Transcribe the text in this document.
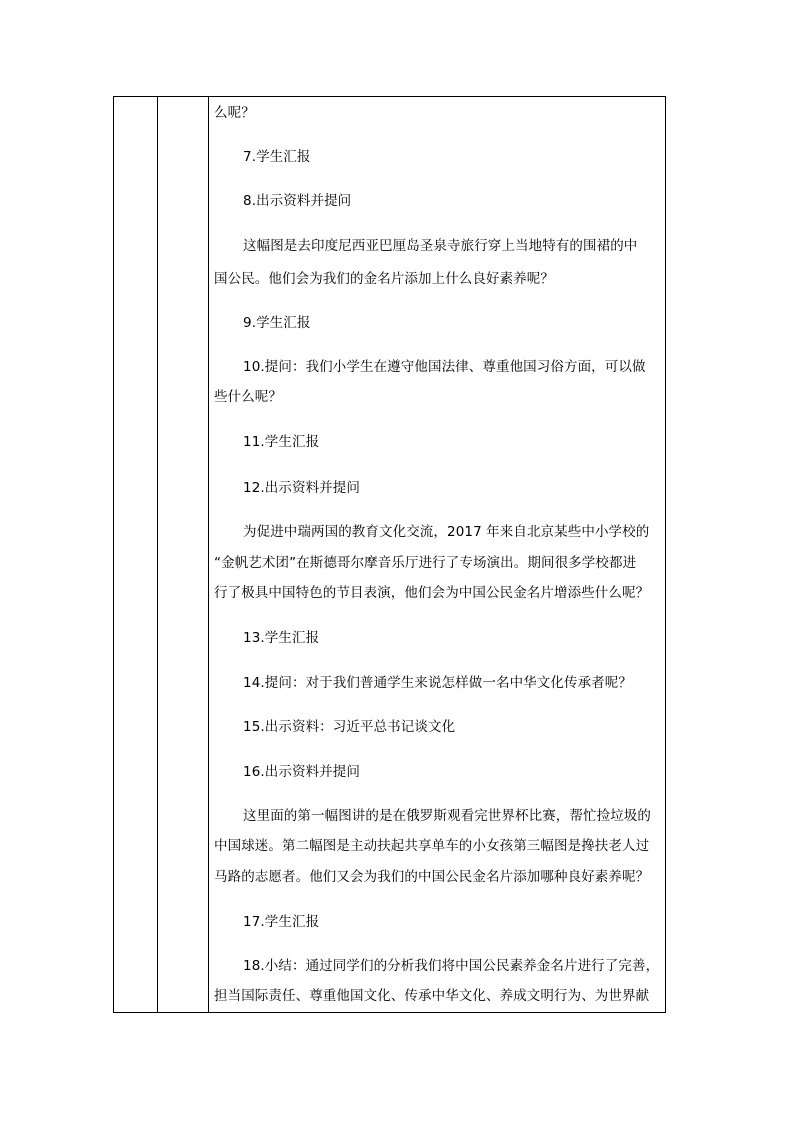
么呢？
7.学生汇报
8.出示资料并提问
这幅图是去印度尼西亚巴厘岛圣泉寺旅行穿上当地特有的围裙的中
国公民。他们会为我们的金名片添加上什么良好素养呢？
9.学生汇报
10.提问：我们小学生在遵守他国法律、尊重他国习俗方面，可以做
些什么呢？
11.学生汇报
12.出示资料并提问
为促进中瑞两国的教育文化交流，2017 年来自北京某些中小学校的
“金帆艺术团”在斯德哥尔摩音乐厅进行了专场演出。期间很多学校都进
行了极具中国特色的节目表演，他们会为中国公民金名片增添些什么呢？
13.学生汇报
14.提问：对于我们普通学生来说怎样做一名中华文化传承者呢？
15.出示资料：习近平总书记谈文化
16.出示资料并提问
这里面的第一幅图讲的是在俄罗斯观看完世界杯比赛，帮忙捡垃圾的
中国球迷。第二幅图是主动扶起共享单车的小女孩第三幅图是搀扶老人过
马路的志愿者。他们又会为我们的中国公民金名片添加哪种良好素养呢？
17.学生汇报
18.小结：通过同学们的分析我们将中国公民素养金名片进行了完善，
担当国际责任、尊重他国文化、传承中华文化、养成文明行为、为世界献
